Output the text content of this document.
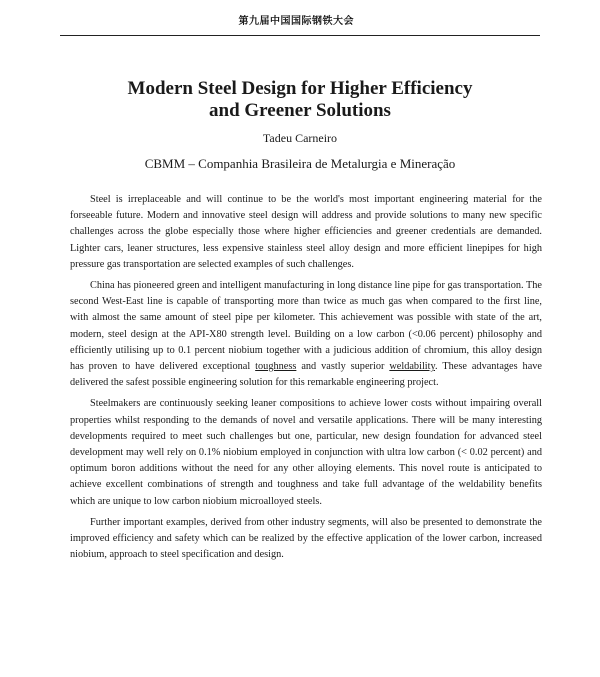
第九届中国国际钢铁大会
Modern Steel Design for Higher Efficiency
and Greener Solutions
Tadeu Carneiro
CBMM – Companhia Brasileira de Metalurgia e Mineração

Steel is irreplaceable and will continue to be the world's most important engineering material for the forseeable future. Modern and innovative steel design will address and provide solutions to many new specific challenges across the globe especially those where higher efficiencies and greener credentials are demanded. Lighter cars, leaner structures, less expensive stainless steel alloy design and more efficient linepipes for high pressure gas transportation are selected examples of such challenges.

China has pioneered green and intelligent manufacturing in long distance line pipe for gas transportation. The second West-East line is capable of transporting more than twice as much gas when compared to the first line, with almost the same amount of steel pipe per kilometer. This achievement was possible with state of the art, modern, steel design at the API-X80 strength level. Building on a low carbon (<0.06 percent) philosophy and efficiently utilising up to 0.1 percent niobium together with a judicious addition of chromium, this alloy design has proven to have delivered exceptional toughness and vastly superior weldability. These advantages have delivered the safest possible engineering solution for this remarkable engineering project.

Steelmakers are continuously seeking leaner compositions to achieve lower costs without impairing overall properties whilst responding to the demands of novel and versatile applications. There will be many interesting developments required to meet such challenges but one, particular, new design foundation for advanced steel development may well rely on 0.1% niobium employed in conjunction with ultra low carbon (< 0.02 percent) and optimum boron additions without the need for any other alloying elements. This novel route is anticipated to achieve excellent combinations of strength and toughness and take full advantage of the weldability benefits which are unique to low carbon niobium microalloyed steels.

Further important examples, derived from other industry segments, will also be presented to demonstrate the improved efficiency and safety which can be realized by the effective application of the lower carbon, increased niobium, approach to steel specification and design.
